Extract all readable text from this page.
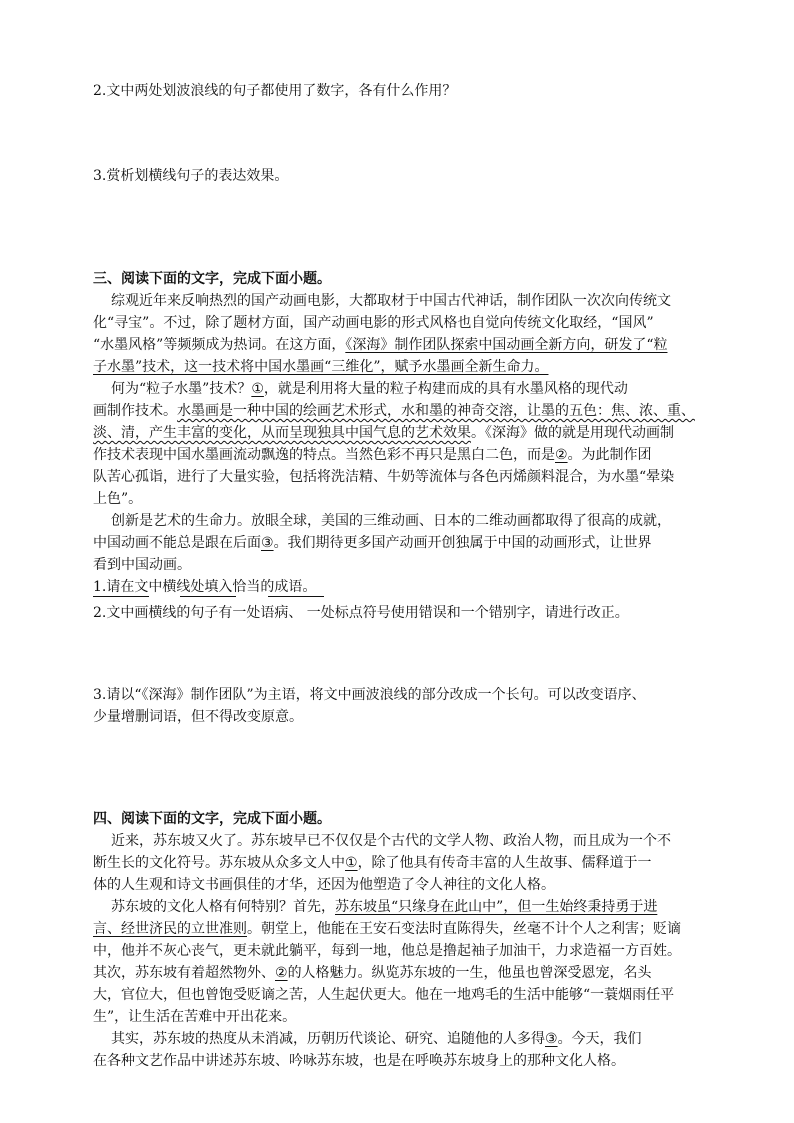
2.文中两处划波浪线的句子都使用了数字，各有什么作用？
3.赏析划横线句子的表达效果。
三、阅读下面的文字，完成下面小题。
综观近年来反响热烈的国产动画电影，大都取材于中国古代神话，制作团队一次次向传统文
化“寻宝”。不过，除了题材方面，国产动画电影的形式风格也自觉向传统文化取经，“国风”
“水墨风格”等频频成为热词。在这方面，《深海》制作团队探索中国动画全新方向，研发了“粒
子水墨”技术，这一技术将中国水墨画“三维化”，赋予水墨画全新生命力。
何为“粒子水墨”技术？①，就是利用将大量的粒子构建而成的具有水墨风格的现代动
画制作技术。水墨画是一种中国的绘画艺术形式，水和墨的神奇交溶，让墨的五色：焦、浓、重、
淡、清，产生丰富的变化，从而呈现独具中国气息的艺术效果。《深海》做的就是用现代动画制
作技术表现中国水墨画流动飘逸的特点。当然色彩不再只是黑白二色，而是②。为此制作团
队苦心孤诣，进行了大量实验，包括将洗洁精、牛奶等流体与各色丙烯颜料混合，为水墨“晕染
上色”。
创新是艺术的生命力。放眼全球，美国的三维动画、日本的二维动画都取得了很高的成就，
中国动画不能总是跟在后面③。我们期待更多国产动画开创独属于中国的动画形式，让世界
看到中国动画。
1.请在文中横线处填入恰当的成语。
2.文中画横线的句子有一处语病、 一处标点符号使用错误和一个错别字，请进行改正。
3.请以“《深海》制作团队”为主语，将文中画波浪线的部分改成一个长句。可以改变语序、
少量增删词语，但不得改变原意。
四、阅读下面的文字，完成下面小题。
近来，苏东坡又火了。苏东坡早已不仅仅是个古代的文学人物、政治人物，而且成为一个不
断生长的文化符号。苏东坡从众多文人中①，除了他具有传奇丰富的人生故事、儒释道于一
体的人生观和诗文书画俱佳的才华，还因为他塑造了令人神往的文化人格。
苏东坡的文化人格有何特别？首先，苏东坡虽“只缘身在此山中”，但一生始终秉持勇于进
言、经世济民的立世准则。朝堂上，他能在王安石变法时直陈得失，丝毫不计个人之利害；贬谪
中，他并不灰心丧气，更未就此躺平，每到一地，他总是撸起袖子加油干，力求造福一方百姓。
其次，苏东坡有着超然物外、②的人格魅力。纵览苏东坡的一生，他虽也曾深受恩宠，名头
大，官位大，但也曾饱受贬谪之苦，人生起伏更大。他在一地鸡毛的生活中能够“一蓑烟雨任平
生”，让生活在苦难中开出花来。
其实，苏东坡的热度从未消减，历朝历代谈论、研究、追随他的人多得③。今天，我们
在各种文艺作品中讲述苏东坡、吟咏苏东坡，也是在呼唤苏东坡身上的那种文化人格。
